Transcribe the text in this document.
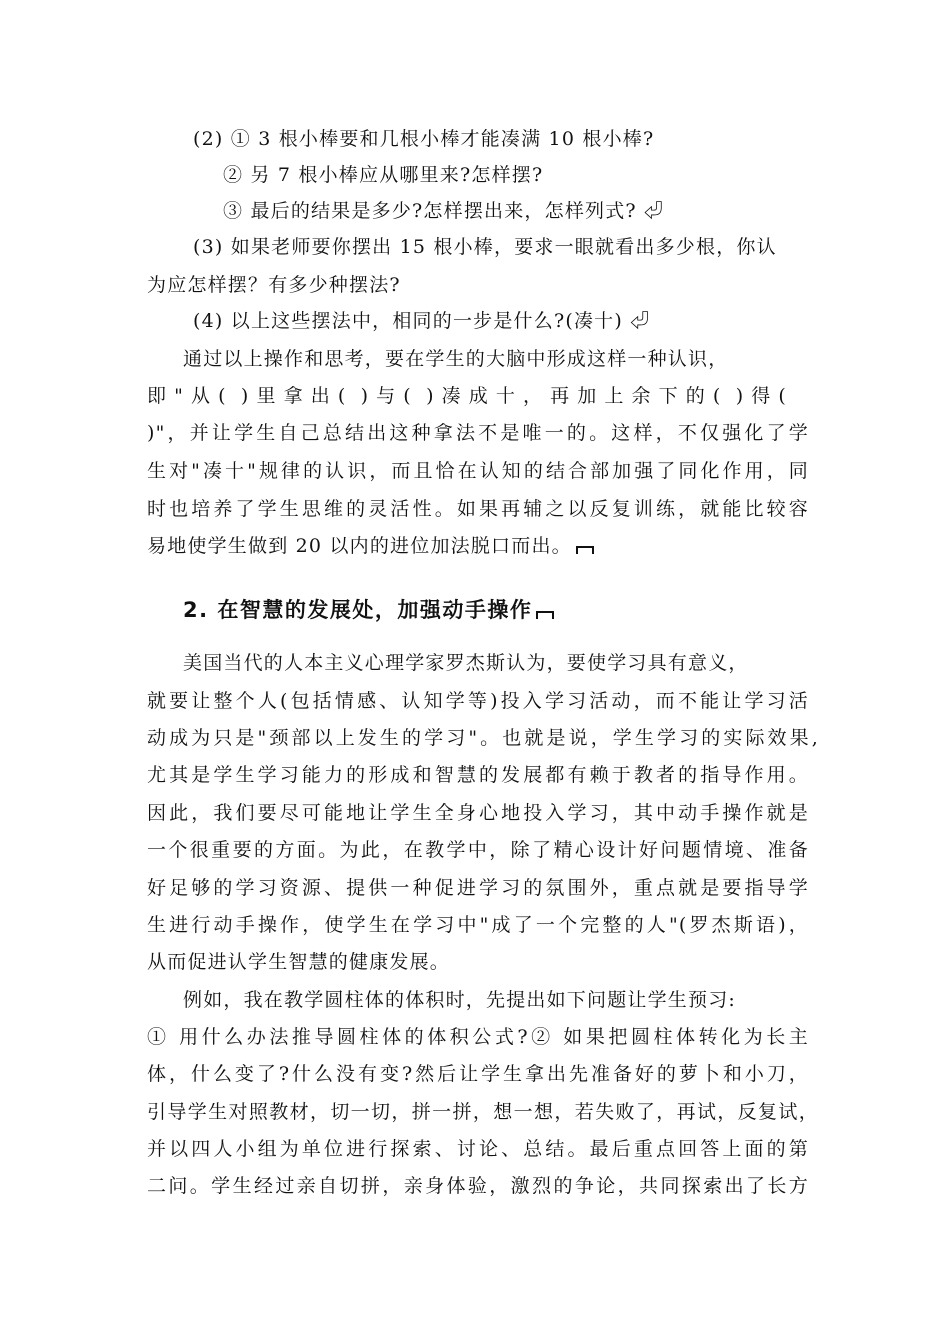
(2) ① 3 根小棒要和几根小棒才能凑满 10 根小棒?
② 另 7 根小棒应从哪里来?怎样摆?
③ 最后的结果是多少?怎样摆出来，怎样列式? ⏎
(3) 如果老师要你摆出 15 根小棒，要求一眼就看出多少根，你认
为应怎样摆？有多少种摆法?
(4) 以上这些摆法中，相同的一步是什么?(凑十) ⏎
通过以上操作和思考，要在学生的大脑中形成这样一种认识，
即"从( )里拿出( )与( )凑成十，再加上余下的( )得(
)"，并让学生自己总结出这种拿法不是唯一的。这样，不仅强化了学
生对"凑十"规律的认识，而且恰在认知的结合部加强了同化作用，同
时也培养了学生思维的灵活性。如果再辅之以反复训练，就能比较容
易地使学生做到 20 以内的进位加法脱口而出。
2. 在智慧的发展处，加强动手操作
美国当代的人本主义心理学家罗杰斯认为，要使学习具有意义，
就要让整个人(包括情感、认知学等)投入学习活动，而不能让学习活
动成为只是"颈部以上发生的学习"。也就是说，学生学习的实际效果,
尤其是学生学习能力的形成和智慧的发展都有赖于教者的指导作用。
因此，我们要尽可能地让学生全身心地投入学习，其中动手操作就是
一个很重要的方面。为此，在教学中，除了精心设计好问题情境、准备
好足够的学习资源、提供一种促进学习的氛围外，重点就是要指导学
生进行动手操作，使学生在学习中"成了一个完整的人"(罗杰斯语)，
从而促进认学生智慧的健康发展。
例如，我在教学圆柱体的体积时，先提出如下问题让学生预习:
① 用什么办法推导圆柱体的体积公式?② 如果把圆柱体转化为长主
体，什么变了?什么没有变?然后让学生拿出先准备好的萝卜和小刀，
引导学生对照教材，切一切，拼一拼，想一想，若失败了，再试，反复试，
并以四人小组为单位进行探索、讨论、总结。最后重点回答上面的第
二问。学生经过亲自切拼，亲身体验，激烈的争论，共同探索出了长方
